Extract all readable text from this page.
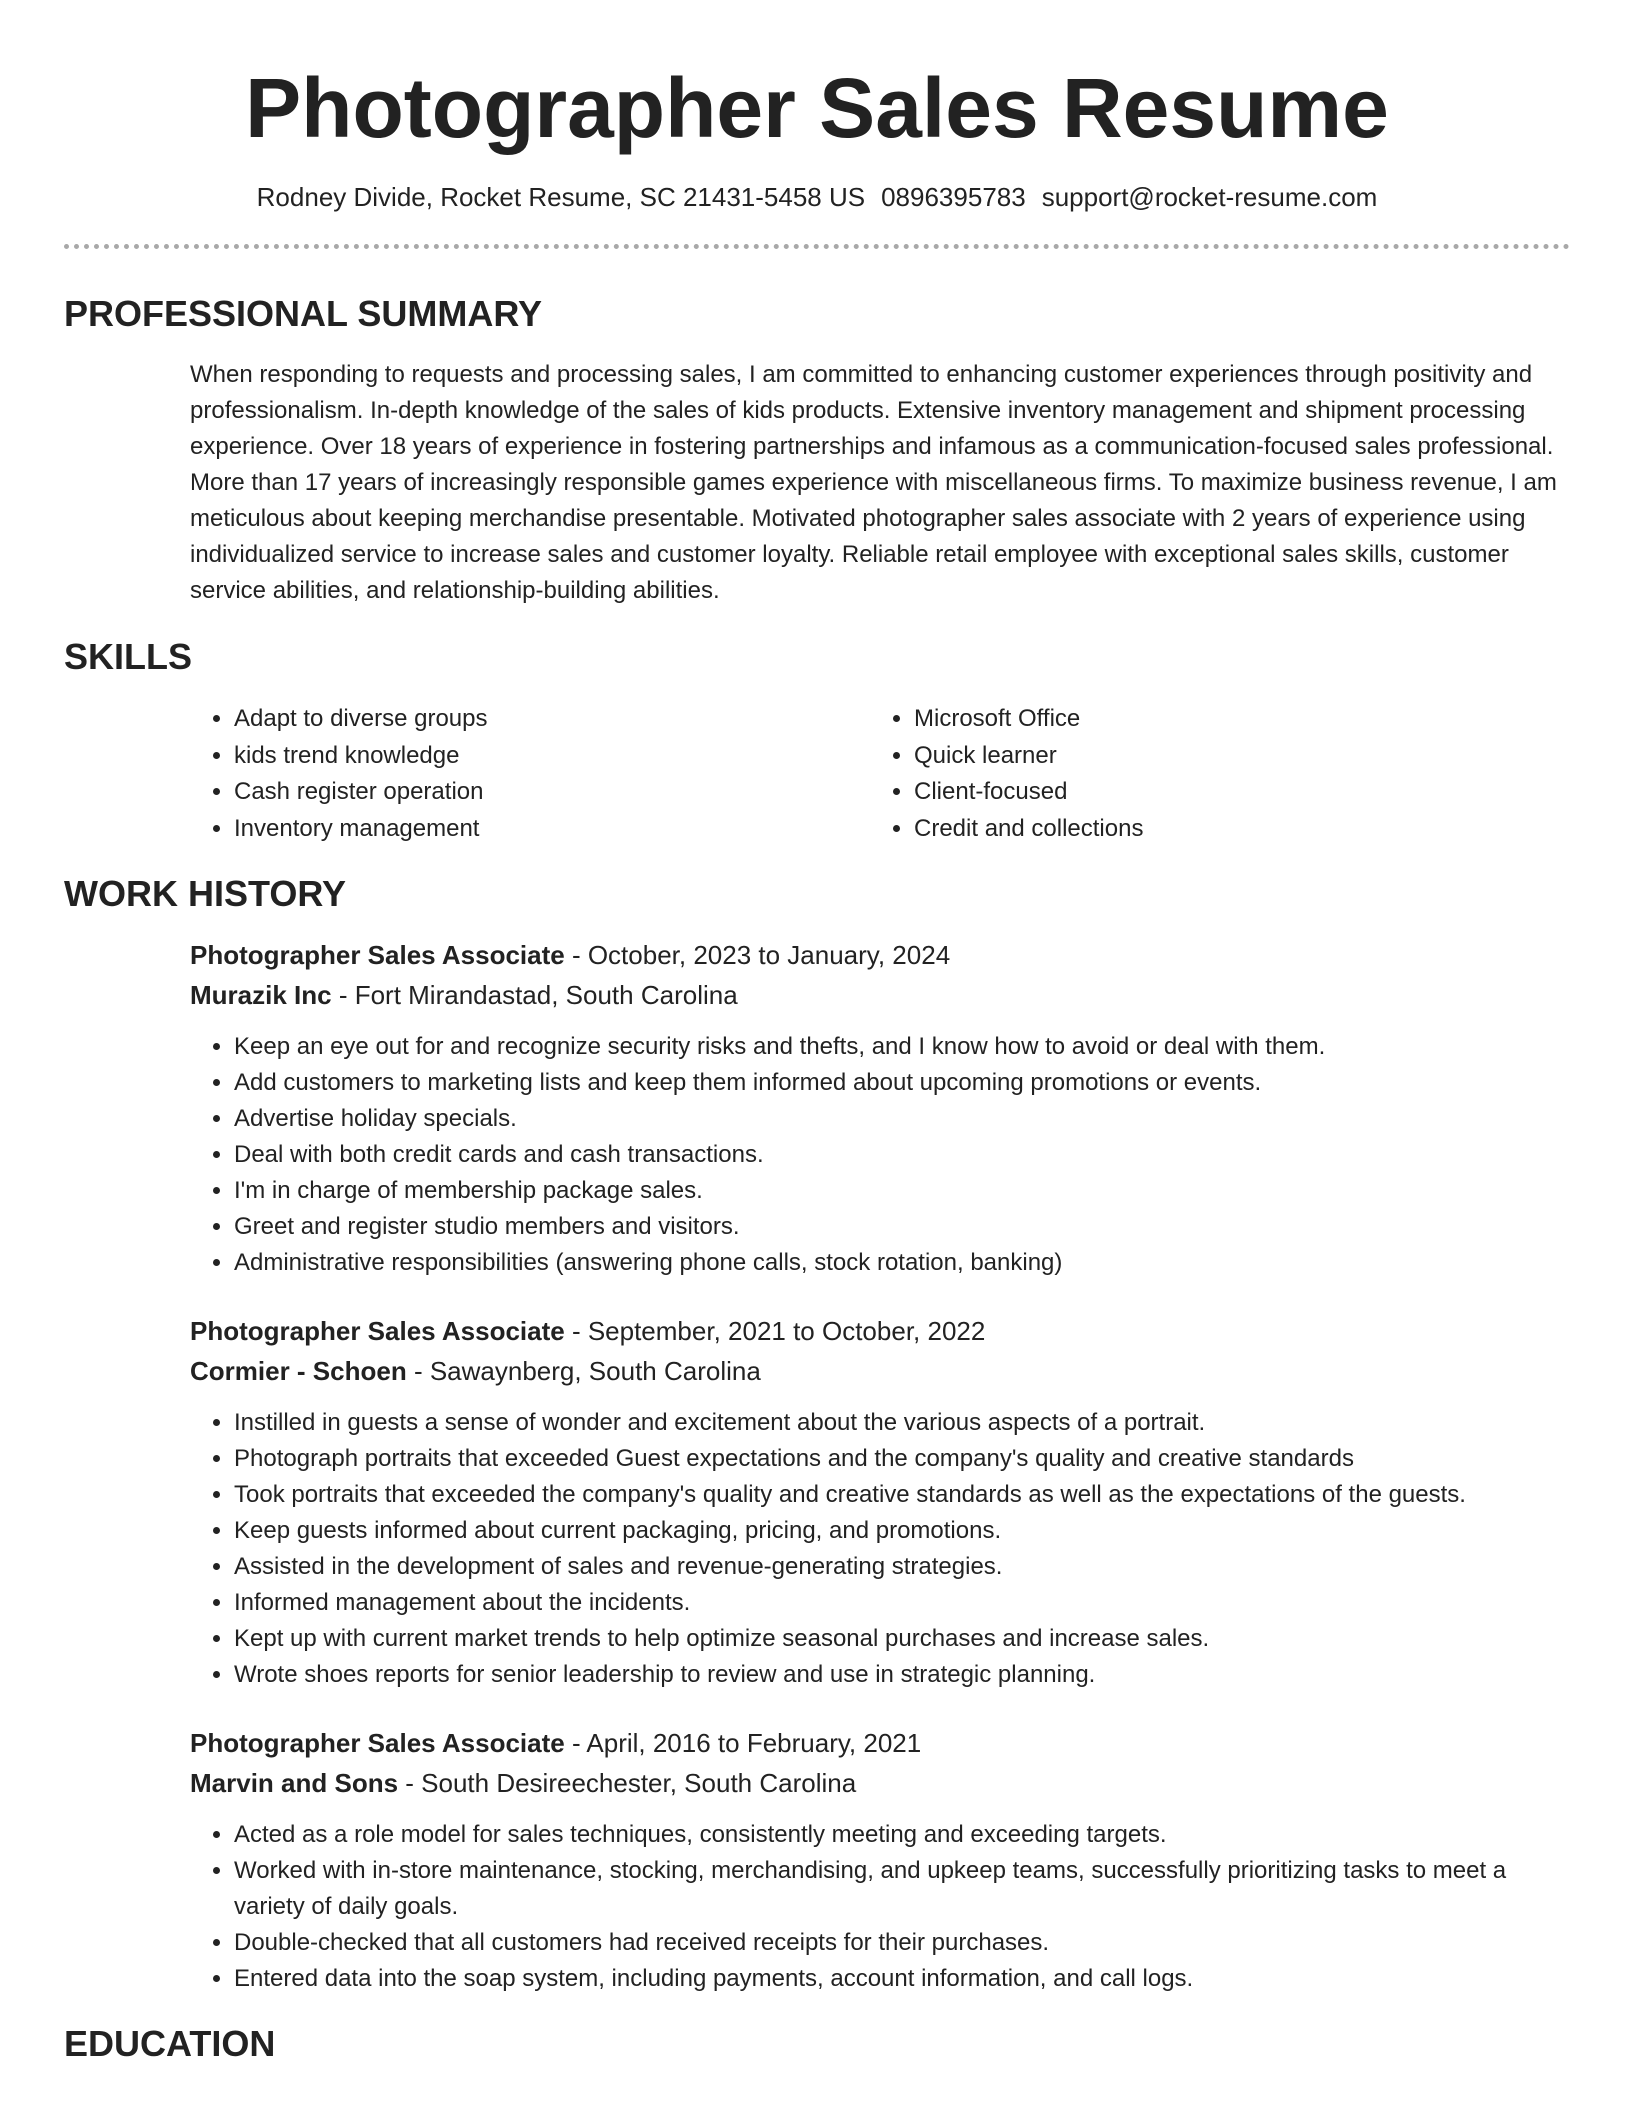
Photographer Sales Resume
Rodney Divide, Rocket Resume, SC 21431-5458 US 0896395783 support@rocket-resume.com
PROFESSIONAL SUMMARY

When responding to requests and processing sales, I am committed to enhancing customer experiences through positivity and professionalism. In-depth knowledge of the sales of kids products. Extensive inventory management and shipment processing experience. Over 18 years of experience in fostering partnerships and infamous as a communication-focused sales professional. More than 17 years of increasingly responsible games experience with miscellaneous firms. To maximize business revenue, I am meticulous about keeping merchandise presentable. Motivated photographer sales associate with 2 years of experience using individualized service to increase sales and customer loyalty. Reliable retail employee with exceptional sales skills, customer service abilities, and relationship-building abilities.

SKILLS
• Adapt to diverse groups
• kids trend knowledge
• Cash register operation
• Inventory management
• Microsoft Office
• Quick learner
• Client-focused
• Credit and collections
WORK HISTORY
Photographer Sales Associate - October, 2023 to January, 2024
Murazik Inc - Fort Mirandastad, South Carolina
• Keep an eye out for and recognize security risks and thefts, and I know how to avoid or deal with them.
• Add customers to marketing lists and keep them informed about upcoming promotions or events.
• Advertise holiday specials.
• Deal with both credit cards and cash transactions.
• I'm in charge of membership package sales.
• Greet and register studio members and visitors.
• Administrative responsibilities (answering phone calls, stock rotation, banking)
Photographer Sales Associate - September, 2021 to October, 2022
Cormier - Schoen - Sawaynberg, South Carolina
• Instilled in guests a sense of wonder and excitement about the various aspects of a portrait.
• Photograph portraits that exceeded Guest expectations and the company's quality and creative standards
• Took portraits that exceeded the company's quality and creative standards as well as the expectations of the guests.
• Keep guests informed about current packaging, pricing, and promotions.
• Assisted in the development of sales and revenue-generating strategies.
• Informed management about the incidents.
• Kept up with current market trends to help optimize seasonal purchases and increase sales.
• Wrote shoes reports for senior leadership to review and use in strategic planning.
Photographer Sales Associate - April, 2016 to February, 2021
Marvin and Sons - South Desireechester, South Carolina
• Acted as a role model for sales techniques, consistently meeting and exceeding targets.
• Worked with in-store maintenance, stocking, merchandising, and upkeep teams, successfully prioritizing tasks to meet a variety of daily goals.
• Double-checked that all customers had received receipts for their purchases.
• Entered data into the soap system, including payments, account information, and call logs.
EDUCATION
